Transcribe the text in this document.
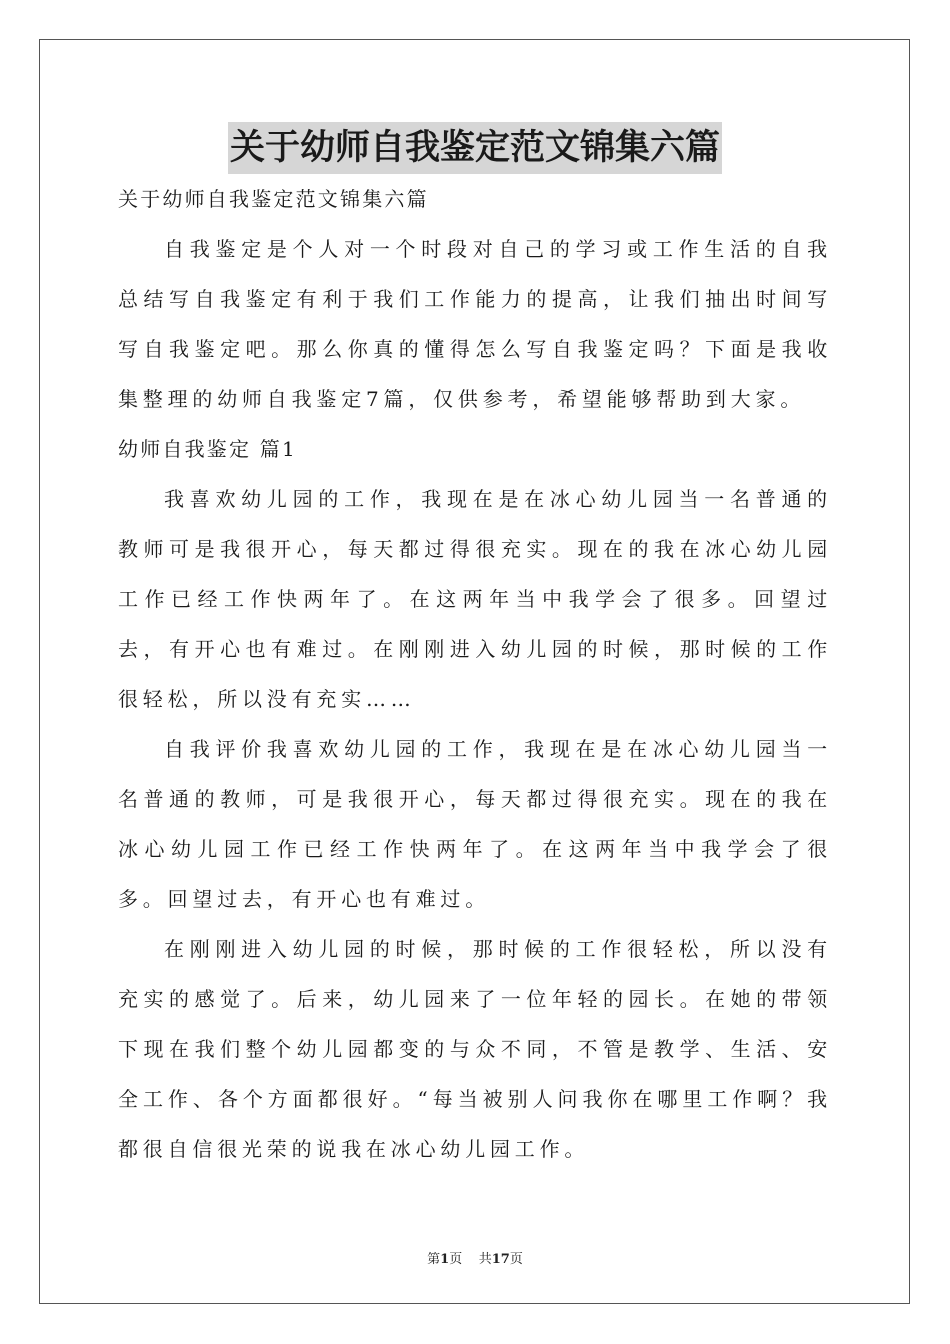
关于幼师自我鉴定范文锦集六篇
关于幼师自我鉴定范文锦集六篇
自我鉴定是个人对一个时段对自己的学习或工作生活的自我总结写自我鉴定有利于我们工作能力的提高，让我们抽出时间写写自我鉴定吧。那么你真的懂得怎么写自我鉴定吗？下面是我收集整理的幼师自我鉴定7篇，仅供参考，希望能够帮助到大家。
幼师自我鉴定 篇1
我喜欢幼儿园的工作，我现在是在冰心幼儿园当一名普通的教师可是我很开心，每天都过得很充实。现在的我在冰心幼儿园工作已经工作快两年了。在这两年当中我学会了很多。回望过去，有开心也有难过。在刚刚进入幼儿园的时候，那时候的工作很轻松，所以没有充实……
自我评价我喜欢幼儿园的工作，我现在是在冰心幼儿园当一名普通的教师，可是我很开心，每天都过得很充实。现在的我在冰心幼儿园工作已经工作快两年了。在这两年当中我学会了很多。回望过去，有开心也有难过。
在刚刚进入幼儿园的时候，那时候的工作很轻松，所以没有充实的感觉了。后来，幼儿园来了一位年轻的园长。在她的带领下现在我们整个幼儿园都变的与众不同，不管是教学、生活、安全工作、各个方面都很好。“每当被别人问我你在哪里工作啊？我都很自信很光荣的说我在冰心幼儿园工作。
第1页    共17页
